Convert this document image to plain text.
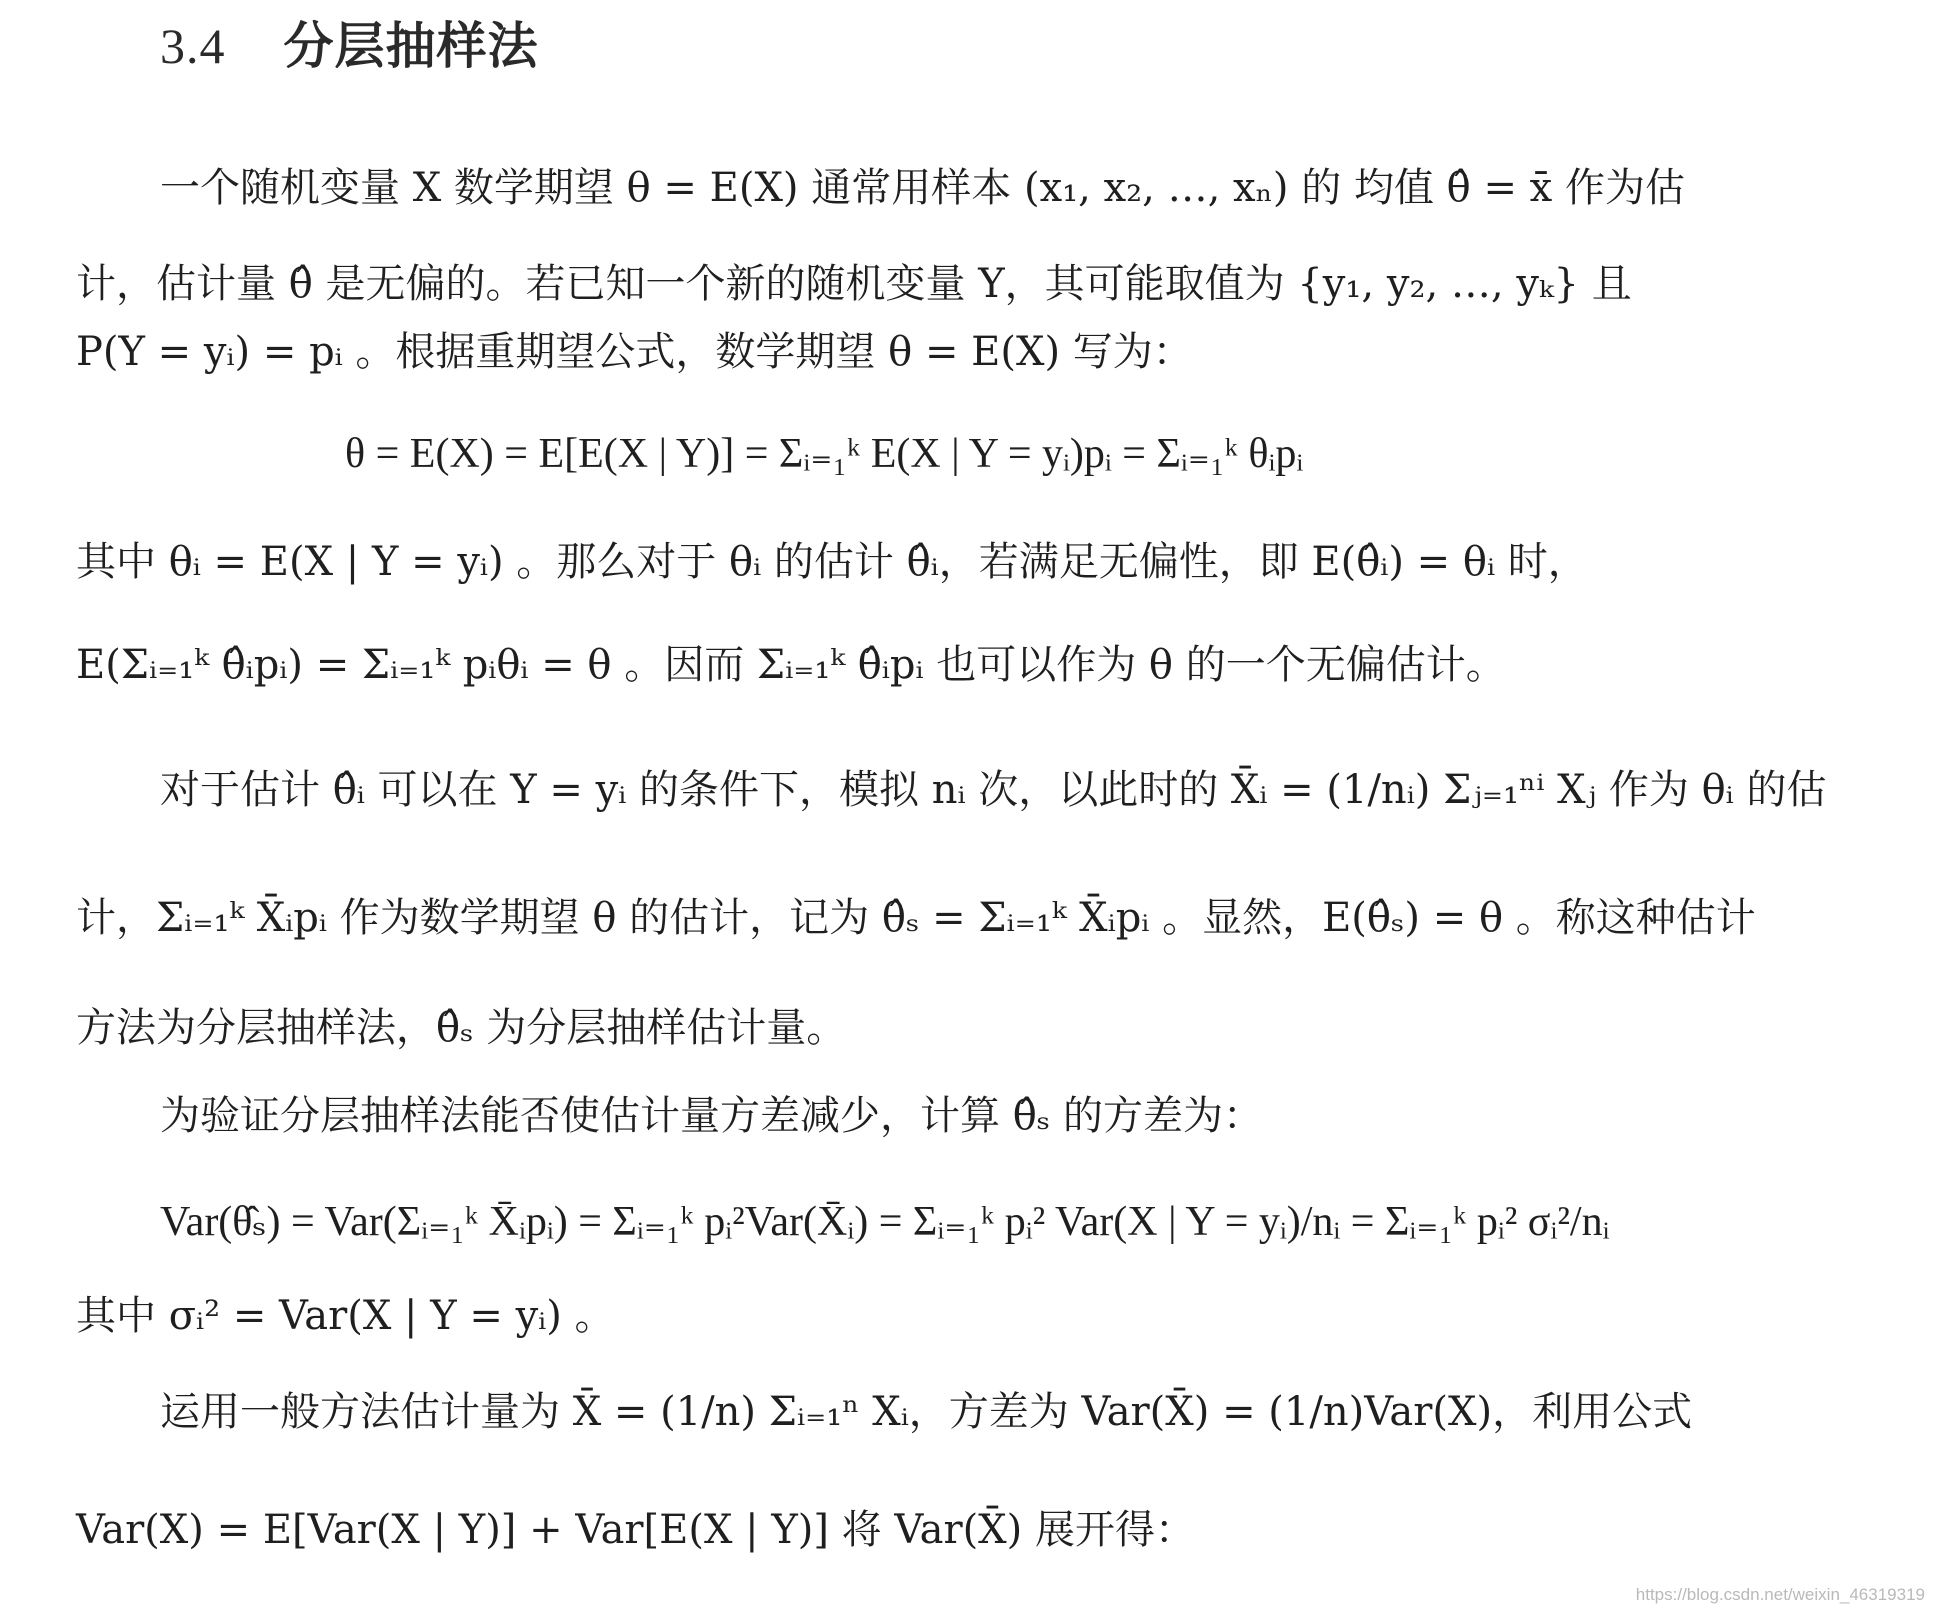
3.4 分层抽样法
一个随机变量 X 数学期望 θ = E(X) 通常用样本 (x₁, x₂, …, xₙ) 的 均值 θ̂ = x̄ 作为估
计，估计量 θ̂ 是无偏的。若已知一个新的随机变量 Y，其可能取值为 {y₁, y₂, …, yₖ} 且
P(Y = yᵢ) = pᵢ 。根据重期望公式，数学期望 θ = E(X) 写为：
θ = E(X) = E[E(X | Y)] = Σᵢ₌₁ᵏ E(X | Y = yᵢ)pᵢ = Σᵢ₌₁ᵏ θᵢpᵢ
其中 θᵢ = E(X | Y = yᵢ) 。那么对于 θᵢ 的估计 θ̂ᵢ，若满足无偏性，即 E(θ̂ᵢ) = θᵢ 时，
E(Σᵢ₌₁ᵏ θ̂ᵢpᵢ) = Σᵢ₌₁ᵏ pᵢθᵢ = θ 。因而 Σᵢ₌₁ᵏ θ̂ᵢpᵢ 也可以作为 θ 的一个无偏估计。
对于估计 θ̂ᵢ 可以在 Y = yᵢ 的条件下，模拟 nᵢ 次，以此时的 X̄ᵢ = (1/nᵢ) Σⱼ₌₁ⁿⁱ Xⱼ 作为 θᵢ 的估
计，Σᵢ₌₁ᵏ X̄ᵢpᵢ 作为数学期望 θ 的估计，记为 θ̂ₛ = Σᵢ₌₁ᵏ X̄ᵢpᵢ 。显然，E(θ̂ₛ) = θ 。称这种估计
方法为分层抽样法，θ̂ₛ 为分层抽样估计量。
为验证分层抽样法能否使估计量方差减少，计算 θ̂ₛ 的方差为：
Var(θ̂ₛ) = Var(Σᵢ₌₁ᵏ X̄ᵢpᵢ) = Σᵢ₌₁ᵏ pᵢ²Var(X̄ᵢ) = Σᵢ₌₁ᵏ pᵢ² Var(X | Y = yᵢ)/nᵢ = Σᵢ₌₁ᵏ pᵢ² σᵢ²/nᵢ
其中 σᵢ² = Var(X | Y = yᵢ) 。
运用一般方法估计量为 X̄ = (1/n) Σᵢ₌₁ⁿ Xᵢ，方差为 Var(X̄) = (1/n)Var(X)，利用公式
Var(X) = E[Var(X | Y)] + Var[E(X | Y)] 将 Var(X̄) 展开得：
https://blog.csdn.net/weixin_46319319
